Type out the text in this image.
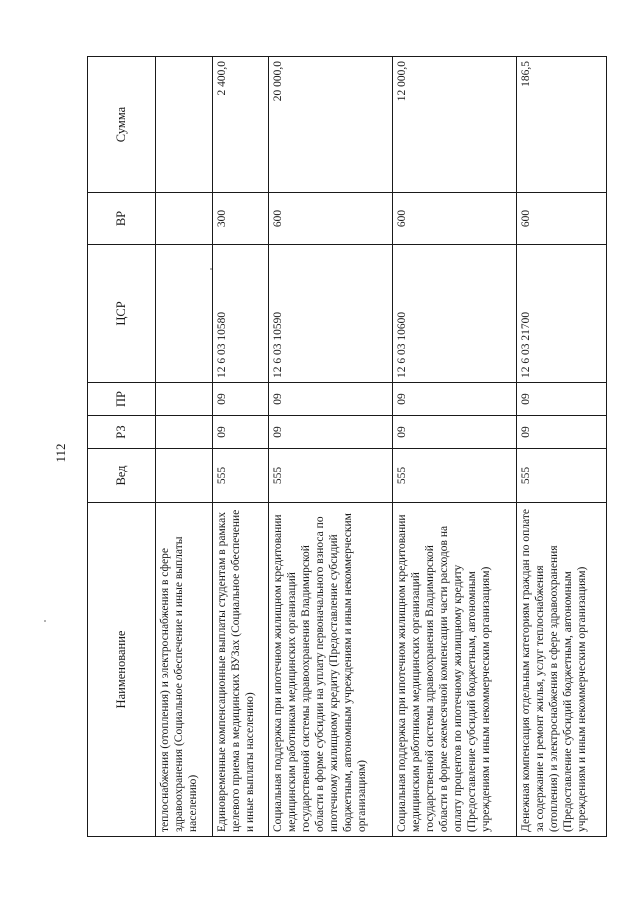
112
Наименование	Вед	РЗ	ПР	ЦСР	ВР	Сумма
теплоснабжения (отопления) и электроснабжения в сфере здравоохранения (Социальное обеспечение и иные выплаты населению)						
Единовременные компенсационные выплаты студентам в рамках целевого приема в медицинских ВУЗах (Социальное обеспечение и иные выплаты населению)	555	09	09	12 6 03 10580	300	2 400,0
Социальная поддержка при ипотечном жилищном кредитовании медицинским работникам медицинских организаций государственной системы здравоохранения Владимирской области в форме субсидии на уплату первоначального взноса по ипотечному жилищному кредиту (Предоставление субсидий бюджетным, автономным учреждениям и иным некоммерческим организациям)	555	09	09	12 6 03 10590	600	20 000,0
Социальная поддержка при ипотечном жилищном кредитовании медицинским работникам медицинских организаций государственной системы здравоохранения Владимирской области в форме ежемесячной компенсации части расходов на оплату процентов по ипотечному жилищному кредиту (Предоставление субсидий бюджетным, автономным учреждениям и иным некоммерческим организациям)	555	09	09	12 6 03 10600	600	12 000,0
Денежная компенсация отдельным категориям граждан по оплате за содержание и ремонт жилья, услуг теплоснабжения (отопления) и электроснабжения в сфере здравоохранения (Предоставление субсидий бюджетным, автономным учреждениям и иным некоммерческим организациям)	555	09	09	12 6 03 21700	600	186,5
